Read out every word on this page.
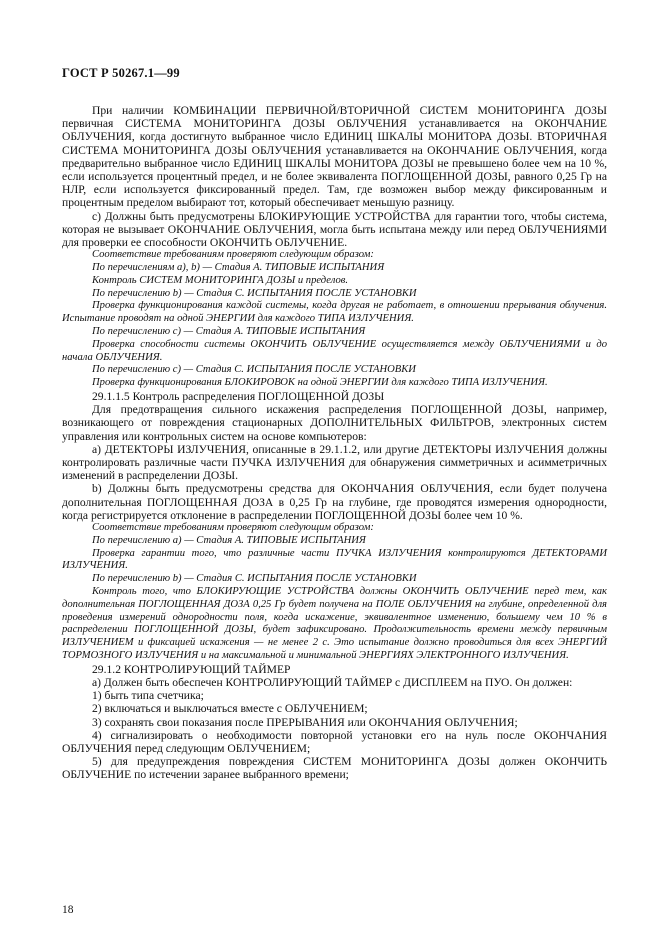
ГОСТ Р 50267.1—99

При наличии КОМБИНАЦИИ ПЕРВИЧНОЙ/ВТОРИЧНОЙ СИСТЕМ МОНИТОРИНГА ДОЗЫ первичная СИСТЕМА МОНИТОРИНГА ДОЗЫ ОБЛУЧЕНИЯ устанавливается на ОКОНЧАНИЕ ОБЛУЧЕНИЯ, когда достигнуто выбранное число ЕДИНИЦ ШКАЛЫ МОНИТОРА ДОЗЫ. ВТОРИЧНАЯ СИСТЕМА МОНИТОРИНГА ДОЗЫ ОБЛУЧЕНИЯ устанавливается на ОКОНЧАНИЕ ОБЛУЧЕНИЯ, когда предварительно выбранное число ЕДИНИЦ ШКАЛЫ МОНИТОРА ДОЗЫ не превышено более чем на 10 %, если используется процентный предел, и не более эквивалента ПОГЛОЩЕННОЙ ДОЗЫ, равного 0,25 Гр на НЛР, если используется фиксированный предел. Там, где возможен выбор между фиксированным и процентным пределом выбирают тот, который обеспечивает меньшую разницу.

с) Должны быть предусмотрены БЛОКИРУЮЩИЕ УСТРОЙСТВА для гарантии того, чтобы система, которая не вызывает ОКОНЧАНИЕ ОБЛУЧЕНИЯ, могла быть испытана между или перед ОБЛУЧЕНИЯМИ для проверки ее способности ОКОНЧИТЬ ОБЛУЧЕНИЕ.

Соответствие требованиям проверяют следующим образом:

По перечислениям а), b) — Стадия А. ТИПОВЫЕ ИСПЫТАНИЯ

Контроль СИСТЕМ МОНИТОРИНГА ДОЗЫ и пределов.

По перечислению b) — Стадия С. ИСПЫТАНИЯ ПОСЛЕ УСТАНОВКИ

Проверка функционирования каждой системы, когда другая не работает, в отношении прерывания облучения. Испытание проводят на одной ЭНЕРГИИ для каждого ТИПА ИЗЛУЧЕНИЯ.

По перечислению с) — Стадия А. ТИПОВЫЕ ИСПЫТАНИЯ

Проверка способности системы ОКОНЧИТЬ ОБЛУЧЕНИЕ осуществляется между ОБЛУЧЕНИЯМИ и до начала ОБЛУЧЕНИЯ.

По перечислению с) — Стадия С. ИСПЫТАНИЯ ПОСЛЕ УСТАНОВКИ

Проверка функционирования БЛОКИРОВОК на одной ЭНЕРГИИ для каждого ТИПА ИЗЛУЧЕНИЯ.

29.1.1.5 Контроль распределения ПОГЛОЩЕННОЙ ДОЗЫ

Для предотвращения сильного искажения распределения ПОГЛОЩЕННОЙ ДОЗЫ, например, возникающего от повреждения стационарных ДОПОЛНИТЕЛЬНЫХ ФИЛЬТРОВ, электронных систем управления или контрольных систем на основе компьютеров:

а) ДЕТЕКТОРЫ ИЗЛУЧЕНИЯ, описанные в 29.1.1.2, или другие ДЕТЕКТОРЫ ИЗЛУЧЕНИЯ должны контролировать различные части ПУЧКА ИЗЛУЧЕНИЯ для обнаружения симметричных и асимметричных изменений в распределении ДОЗЫ.

b) Должны быть предусмотрены средства для ОКОНЧАНИЯ ОБЛУЧЕНИЯ, если будет получена дополнительная ПОГЛОЩЕННАЯ ДОЗА в 0,25 Гр на глубине, где проводятся измерения однородности, когда регистрируется отклонение в распределении ПОГЛОЩЕННОЙ ДОЗЫ более чем 10 %.

Соответствие требованиям проверяют следующим образом:

По перечислению а) — Стадия А. ТИПОВЫЕ ИСПЫТАНИЯ

Проверка гарантии того, что различные части ПУЧКА ИЗЛУЧЕНИЯ контролируются ДЕТЕКТОРАМИ ИЗЛУЧЕНИЯ.

По перечислению b) — Стадия С. ИСПЫТАНИЯ ПОСЛЕ УСТАНОВКИ

Контроль того, что БЛОКИРУЮЩИЕ УСТРОЙСТВА должны ОКОНЧИТЬ ОБЛУЧЕНИЕ перед тем, как дополнительная ПОГЛОЩЕННАЯ ДОЗА 0,25 Гр будет получена на ПОЛЕ ОБЛУЧЕНИЯ на глубине, определенной для проведения измерений однородности поля, когда искажение, эквивалентное изменению, большему чем 10 % в распределении ПОГЛОЩЕННОЙ ДОЗЫ, будет зафиксировано. Продолжительность времени между первичным ИЗЛУЧЕНИЕМ и фиксацией искажения — не менее 2 с. Это испытание должно проводиться для всех ЭНЕРГИЙ ТОРМОЗНОГО ИЗЛУЧЕНИЯ и на максимальной и минимальной ЭНЕРГИЯХ ЭЛЕКТРОННОГО ИЗЛУЧЕНИЯ.

29.1.2 КОНТРОЛИРУЮЩИЙ ТАЙМЕР

а) Должен быть обеспечен КОНТРОЛИРУЮЩИЙ ТАЙМЕР с ДИСПЛЕЕМ на ПУО. Он должен:

1) быть типа счетчика;

2) включаться и выключаться вместе с ОБЛУЧЕНИЕМ;

3) сохранять свои показания после ПРЕРЫВАНИЯ или ОКОНЧАНИЯ ОБЛУЧЕНИЯ;

4) сигнализировать о необходимости повторной установки его на нуль после ОКОНЧАНИЯ ОБЛУЧЕНИЯ перед следующим ОБЛУЧЕНИЕМ;

5) для предупреждения повреждения СИСТЕМ МОНИТОРИНГА ДОЗЫ должен ОКОНЧИТЬ ОБЛУЧЕНИЕ по истечении заранее выбранного времени;

18
